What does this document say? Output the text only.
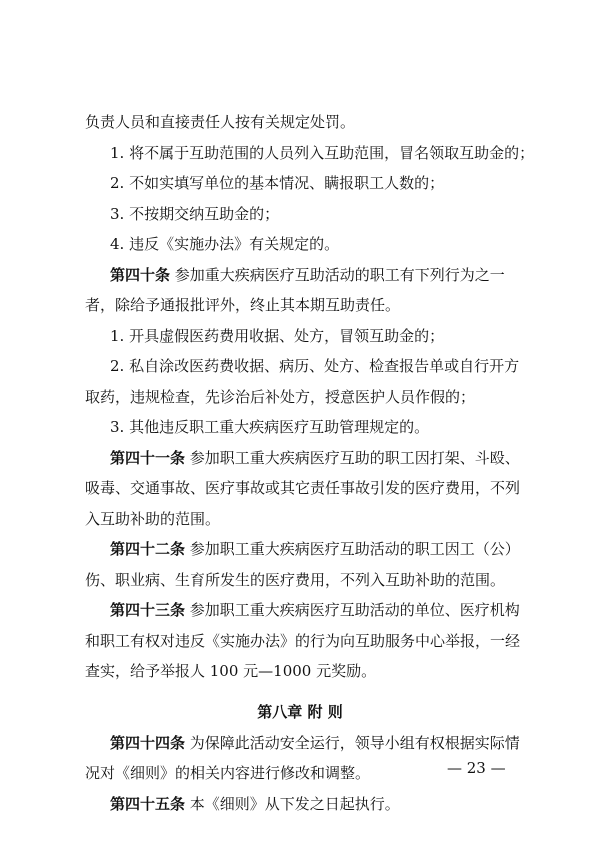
负责人员和直接责任人按有关规定处罚。
1. 将不属于互助范围的人员列入互助范围，冒名领取互助金的；
2. 不如实填写单位的基本情况、瞒报职工人数的；
3. 不按期交纳互助金的；
4. 违反《实施办法》有关规定的。
第四十条 参加重大疾病医疗互助活动的职工有下列行为之一
者，除给予通报批评外，终止其本期互助责任。
1. 开具虚假医药费用收据、处方，冒领互助金的；
2. 私自涂改医药费收据、病历、处方、检查报告单或自行开方
取药，违规检查，先诊治后补处方，授意医护人员作假的；
3. 其他违反职工重大疾病医疗互助管理规定的。
第四十一条 参加职工重大疾病医疗互助的职工因打架、斗殴、
吸毒、交通事故、医疗事故或其它责任事故引发的医疗费用，不列
入互助补助的范围。
第四十二条 参加职工重大疾病医疗互助活动的职工因工（公）
伤、职业病、生育所发生的医疗费用，不列入互助补助的范围。
第四十三条 参加职工重大疾病医疗互助活动的单位、医疗机构
和职工有权对违反《实施办法》的行为向互助服务中心举报，一经
查实，给予举报人 100 元—1000 元奖励。
第八章 附 则
第四十四条 为保障此活动安全运行，领导小组有权根据实际情
况对《细则》的相关内容进行修改和调整。
第四十五条 本《细则》从下发之日起执行。
— 23 —
